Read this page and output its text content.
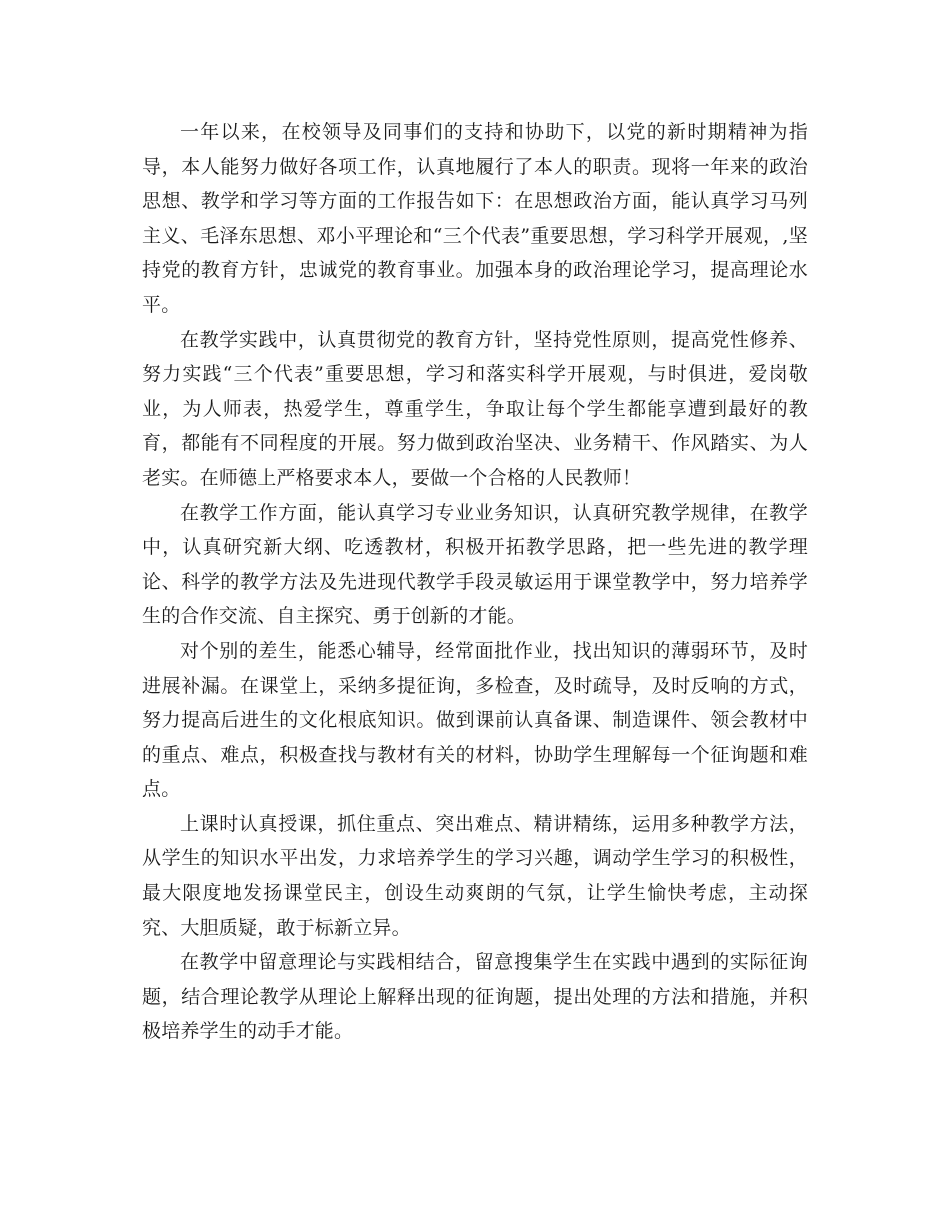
一年以来，在校领导及同事们的支持和协助下，以党的新时期精神为指导，本人能努力做好各项工作，认真地履行了本人的职责。现将一年来的政治思想、教学和学习等方面的工作报告如下：在思想政治方面，能认真学习马列主义、毛泽东思想、邓小平理论和“三个代表”重要思想，学习科学开展观，,坚持党的教育方针，忠诚党的教育事业。加强本身的政治理论学习，提高理论水平。

在教学实践中，认真贯彻党的教育方针，坚持党性原则，提高党性修养、努力实践“三个代表”重要思想，学习和落实科学开展观，与时俱进，爱岗敬业，为人师表，热爱学生，尊重学生，争取让每个学生都能享遭到最好的教育，都能有不同程度的开展。努力做到政治坚决、业务精干、作风踏实、为人老实。在师德上严格要求本人，要做一个合格的人民教师！

在教学工作方面，能认真学习专业业务知识，认真研究教学规律，在教学中，认真研究新大纲、吃透教材，积极开拓教学思路，把一些先进的教学理论、科学的教学方法及先进现代教学手段灵敏运用于课堂教学中，努力培养学生的合作交流、自主探究、勇于创新的才能。

对个别的差生，能悉心辅导，经常面批作业，找出知识的薄弱环节，及时进展补漏。在课堂上，采纳多提征询，多检查，及时疏导，及时反响的方式，努力提高后进生的文化根底知识。做到课前认真备课、制造课件、领会教材中的重点、难点，积极查找与教材有关的材料，协助学生理解每一个征询题和难点。

上课时认真授课，抓住重点、突出难点、精讲精练，运用多种教学方法，从学生的知识水平出发，力求培养学生的学习兴趣，调动学生学习的积极性，最大限度地发扬课堂民主，创设生动爽朗的气氛，让学生愉快考虑，主动探究、大胆质疑，敢于标新立异。

在教学中留意理论与实践相结合，留意搜集学生在实践中遇到的实际征询题，结合理论教学从理论上解释出现的征询题，提出处理的方法和措施，并积极培养学生的动手才能。
